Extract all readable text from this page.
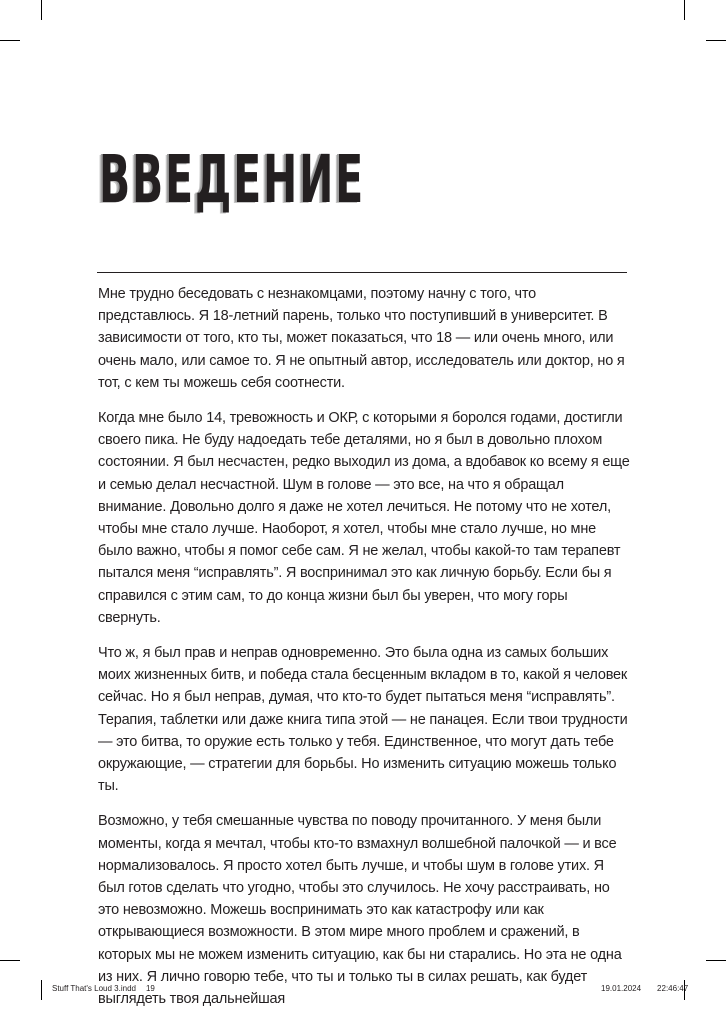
ВВЕДЕНИЕ

Мне трудно беседовать с незнакомцами, поэтому начну с того, что представлюсь. Я 18-летний парень, только что поступивший в университет. В зависимости от того, кто ты, может показаться, что 18 — или очень много, или очень мало, или самое то. Я не опытный автор, исследователь или доктор, но я тот, с кем ты можешь себя соотнести.

Когда мне было 14, тревожность и ОКР, с которыми я боролся годами, достигли своего пика. Не буду надоедать тебе деталями, но я был в довольно плохом состоянии. Я был несчастен, редко выходил из дома, а вдобавок ко всему я еще и семью делал несчастной. Шум в голове — это все, на что я обращал внимание. Довольно долго я даже не хотел лечиться. Не потому что не хотел, чтобы мне стало лучше. Наоборот, я хотел, чтобы мне стало лучше, но мне было важно, чтобы я помог себе сам. Я не желал, чтобы какой-то там терапевт пытался меня “исправлять”. Я воспринимал это как личную борьбу. Если бы я справился с этим сам, то до конца жизни был бы уверен, что могу горы свернуть.

Что ж, я был прав и неправ одновременно. Это была одна из самых больших моих жизненных битв, и победа стала бесценным вкладом в то, какой я человек сейчас. Но я был неправ, думая, что кто-то будет пытаться меня “исправлять”. Терапия, таблетки или даже книга типа этой — не панацея. Если твои трудности — это битва, то оружие есть только у тебя. Единственное, что могут дать тебе окружающие, — стратегии для борьбы. Но изменить ситуацию можешь только ты.

Возможно, у тебя смешанные чувства по поводу прочитанного. У меня были моменты, когда я мечтал, чтобы кто-то взмахнул волшебной палочкой — и все нормализовалось. Я просто хотел быть лучше, и чтобы шум в голове утих. Я был готов сделать что угодно, чтобы это случилось. Не хочу расстраивать, но это невозможно. Можешь воспринимать это как катастрофу или как открывающиеся возможности. В этом мире много проблем и сражений, в которых мы не можем изменить ситуацию, как бы ни старались. Но эта не одна из них. Я лично говорю тебе, что ты и только ты в силах решать, как будет выглядеть твоя дальнейшая

Stuff That's Loud 3.indd 19	19.01.2024 22:46:47
